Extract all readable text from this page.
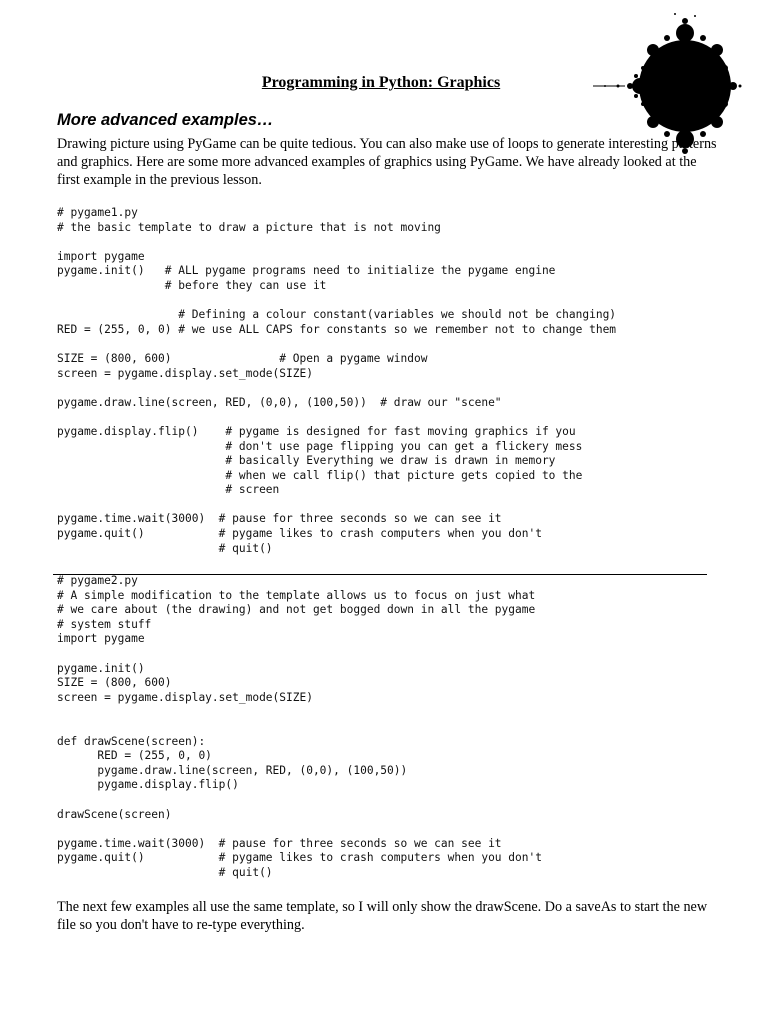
Programming in Python: Graphics
More advanced examples…

Drawing picture using PyGame can be quite tedious. You can also make use of loops to generate interesting patterns and graphics. Here are some more advanced examples of graphics using PyGame. We have already looked at the first example in the previous lesson.

# pygame1.py
# the basic template to draw a picture that is not moving

import pygame
pygame.init()   # ALL pygame programs need to initialize the pygame engine
# before they can use it

# Defining a colour constant(variables we should not be changing)
RED = (255, 0, 0) # we use ALL CAPS for constants so we remember not to change them

SIZE = (800, 600)                # Open a pygame window
screen = pygame.display.set_mode(SIZE)

pygame.draw.line(screen, RED, (0,0), (100,50))  # draw our "scene"

pygame.display.flip()    # pygame is designed for fast moving graphics if you
# don't use page flipping you can get a flickery mess
# basically Everything we draw is drawn in memory
# when we call flip() that picture gets copied to the
# screen

pygame.time.wait(3000)  # pause for three seconds so we can see it
pygame.quit()           # pygame likes to crash computers when you don't
# quit()
# pygame2.py
# A simple modification to the template allows us to focus on just what
# we care about (the drawing) and not get bogged down in all the pygame
# system stuff
import pygame

pygame.init()
SIZE = (800, 600)
screen = pygame.display.set_mode(SIZE)

def drawScene(screen):
RED = (255, 0, 0)
pygame.draw.line(screen, RED, (0,0), (100,50))
pygame.display.flip()

drawScene(screen)

pygame.time.wait(3000)  # pause for three seconds so we can see it
pygame.quit()           # pygame likes to crash computers when you don't
# quit()

The next few examples all use the same template, so I will only show the drawScene. Do a saveAs to start the new file so you don't have to re-type everything.
